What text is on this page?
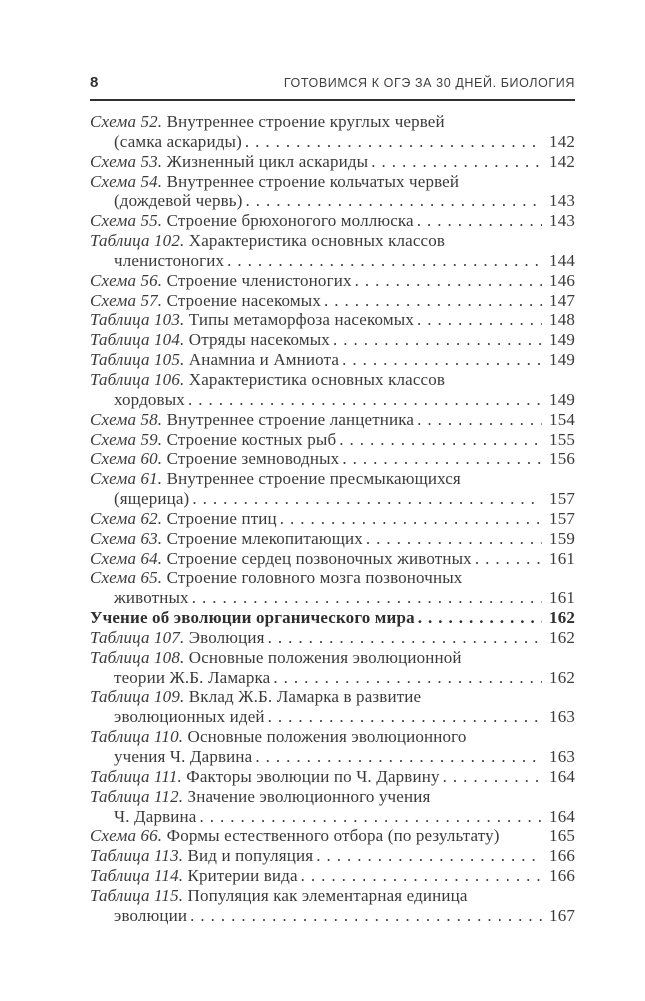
8	ГОТОВИМСЯ К ОГЭ ЗА 30 ДНЕЙ. БИОЛОГИЯ
Схема 52. Внутреннее строение круглых червей
(самка аскариды) .....	142
Схема 53. Жизненный цикл аскариды .....	142
Схема 54. Внутреннее строение кольчатых червей
(дождевой червь) .....	143
Схема 55. Строение брюхоногого моллюска .....	143
Таблица 102. Характеристика основных классов
членистоногих .....	144
Схема 56. Строение членистоногих .....	146
Схема 57. Строение насекомых .....	147
Таблица 103. Типы метаморфоза насекомых .....	148
Таблица 104. Отряды насекомых .....	149
Таблица 105. Анамниа и Амниота .....	149
Таблица 106. Характеристика основных классов
хордовых .....	149
Схема 58. Внутреннее строение ланцетника .....	154
Схема 59. Строение костных рыб .....	155
Схема 60. Строение земноводных .....	156
Схема 61. Внутреннее строение пресмыкающихся
(ящерица) .....	157
Схема 62. Строение птиц .....	157
Схема 63. Строение млекопитающих .....	159
Схема 64. Строение сердец позвоночных животных .....	161
Схема 65. Строение головного мозга позвоночных
животных .....	161
Учение об эволюции органического мира .....	162
Таблица 107. Эволюция .....	162
Таблица 108. Основные положения эволюционной
теории Ж.Б. Ламарка .....	162
Таблица 109. Вклад Ж.Б. Ламарка в развитие
эволюционных идей .....	163
Таблица 110. Основные положения эволюционного
учения Ч. Дарвина .....	163
Таблица 111. Факторы эволюции по Ч. Дарвину .....	164
Таблица 112. Значение эволюционного учения
Ч. Дарвина .....	164
Схема 66. Формы естественного отбора (по результату)	165
Таблица 113. Вид и популяция .....	166
Таблица 114. Критерии вида .....	166
Таблица 115. Популяция как элементарная единица
эволюции .....	167
